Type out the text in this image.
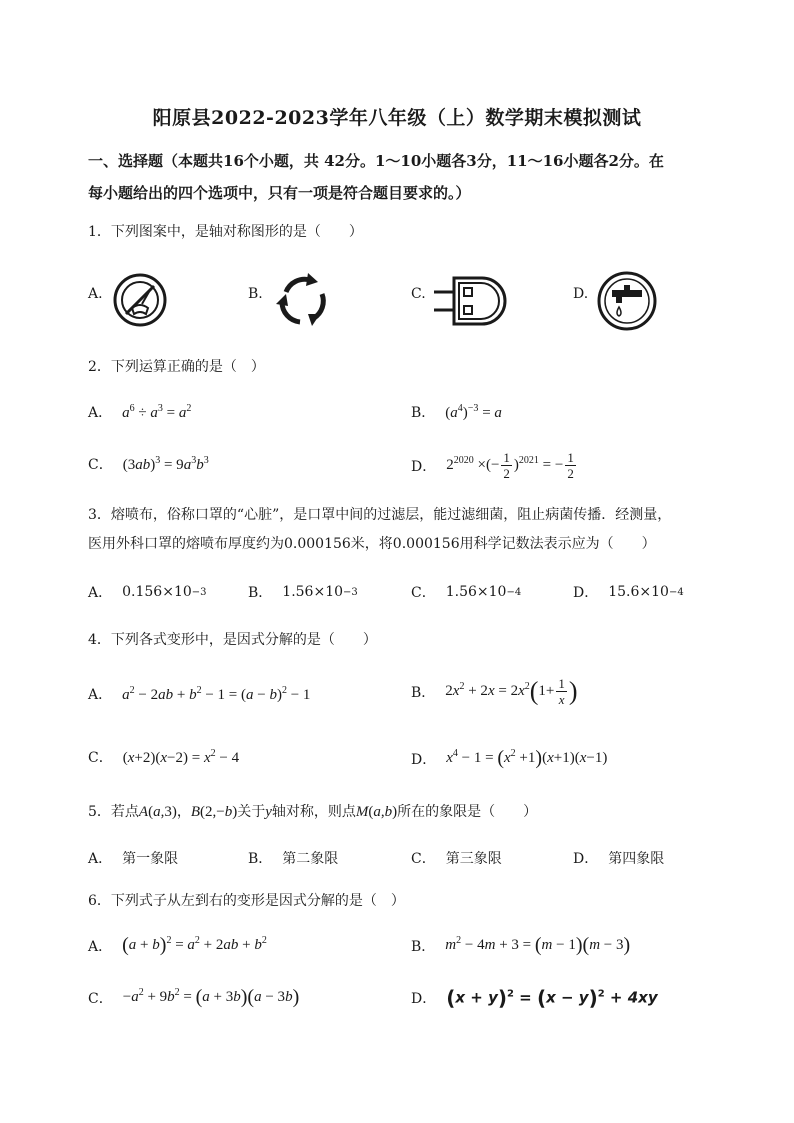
阳原县2022-2023学年八年级（上）数学期末模拟测试
一、选择题（本题共16个小题，共 42分。1～10小题各3分，11～16小题各2分。在
每小题给出的四个选项中，只有一项是符合题目要求的。）
1．下列图案中，是轴对称图形的是（　　）
A.	B.	C.	D.
2．下列运算正确的是（　）
A． $a^6 \div a^3 = a^2$	B． $(a^4)^{-3} = a$
C． $(3ab)^3 = 9a^3b^3$	D． $2^{2020}$ ×(− $\frac{1}{2} )^{2021}$ = − $\frac{1}{2}$
3．熔喷布，俗称口罩的“心脏”，是口罩中间的过滤层，能过滤细菌，阻止病菌传播．经测量，
医用外科口罩的熔喷布厚度约为0.000156米，将0.000156用科学记数法表示应为（　　）
A． 0.156 ×10 −3	B． 1.56 ×10 −3	C． 1.56 ×10 −4	D． 15.6 ×10 −4
4．下列各式变形中，是因式分解的是（　　）
A． $a^2 - 2ab + b^2 - 1 = (a - b)^2 - 1$	B． $2x^2 + 2x = 2x^2(1+ \frac{1}{x}$ )
C． $(x+2)(x-2) = x^2 - 4$	D． $x^4 - 1 = (x^2 +1)(x+1)(x-1)$
5．若点A(a,3)，B(2,−b)关于y轴对称，则点M(a,b)所在的象限是（　　）
A． 第一象限	B． 第二象限	C． 第三象限	D． 第四象限
6．下列式子从左到右的变形是因式分解的是（　）
A． $(a + b)^2 = a^2 + 2ab + b^2$	B． $m^2 - 4m + 3 = (m - 1)(m - 3)$
C． $-a^2 + 9b^2 = (a + 3b)(a - 3b)$	D． $(x + y)^2 = (x - y)^2 + 4xy$
